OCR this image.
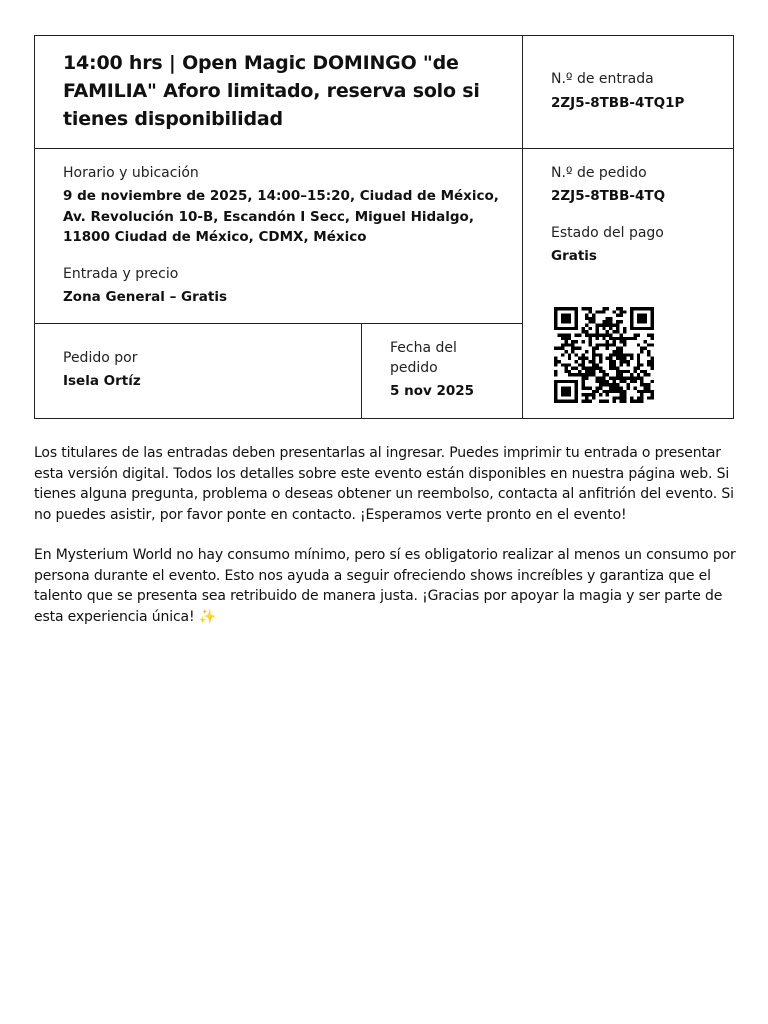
14:00 hrs | Open Magic DOMINGO "de FAMILIA" Aforo limitado, reserva solo si tienes disponibilidad
N.º de entrada
2ZJ5-8TBB-4TQ1P
Horario y ubicación
9 de noviembre de 2025, 14:00–15:20, Ciudad de México, Av. Revolución 10-B, Escandón I Secc, Miguel Hidalgo, 11800 Ciudad de México, CDMX, México
Entrada y precio
Zona General – Gratis
N.º de pedido
2ZJ5-8TBB-4TQ
Estado del pago
Gratis
Pedido por
Isela Ortíz
Fecha del pedido
5 nov 2025

Los titulares de las entradas deben presentarlas al ingresar. Puedes imprimir tu entrada o presentar esta versión digital. Todos los detalles sobre este evento están disponibles en nuestra página web. Si tienes alguna pregunta, problema o deseas obtener un reembolso, contacta al anfitrión del evento. Si no puedes asistir, por favor ponte en contacto. ¡Esperamos verte pronto en el evento!

En Mysterium World no hay consumo mínimo, pero sí es obligatorio realizar al menos un consumo por persona durante el evento. Esto nos ayuda a seguir ofreciendo shows increíbles y garantiza que el talento que se presenta sea retribuido de manera justa. ¡Gracias por apoyar la magia y ser parte de esta experiencia única! ✨
